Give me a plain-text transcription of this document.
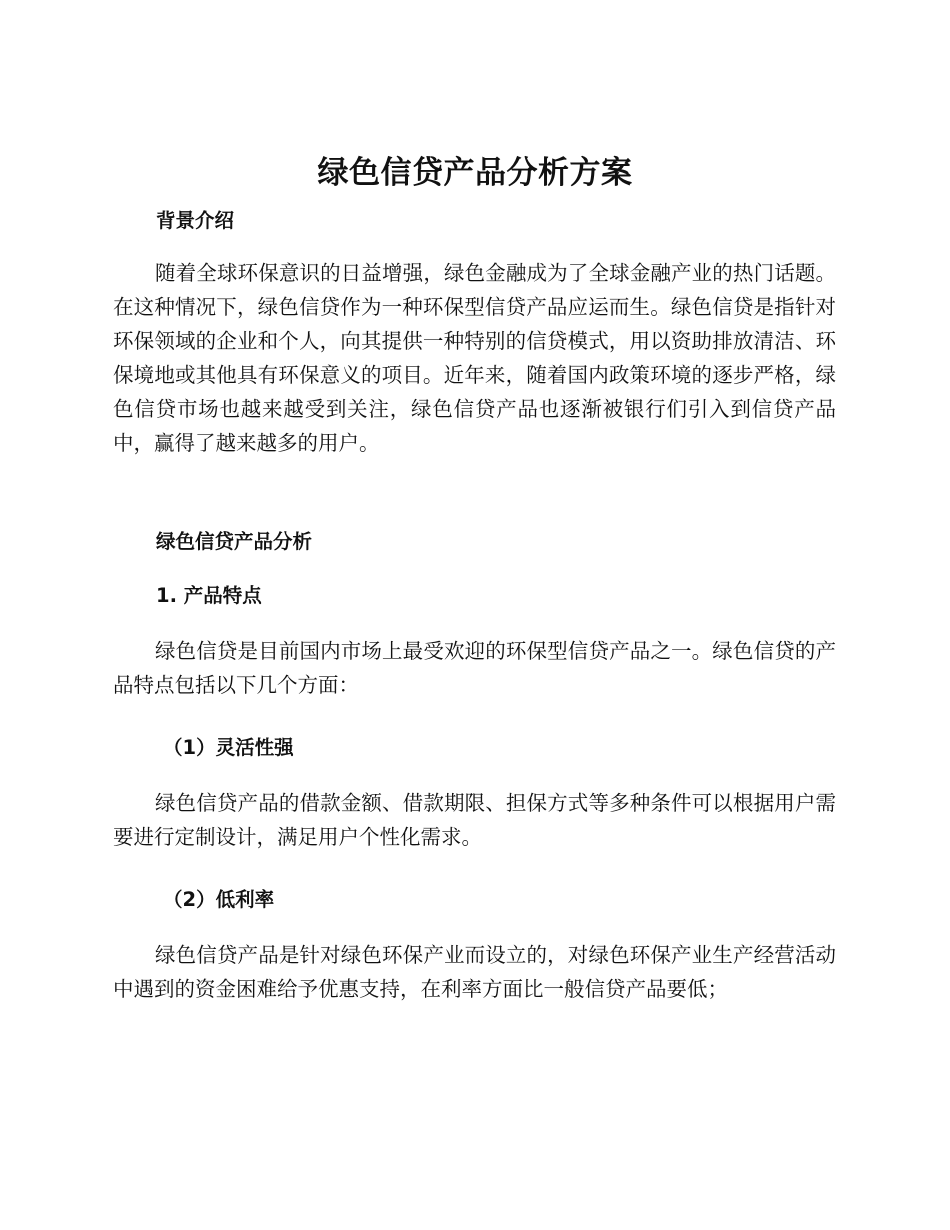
绿色信贷产品分析方案
背景介绍

随着全球环保意识的日益增强，绿色金融成为了全球金融产业的热门话题。在这种情况下，绿色信贷作为一种环保型信贷产品应运而生。绿色信贷是指针对环保领域的企业和个人，向其提供一种特别的信贷模式，用以资助排放清洁、环保境地或其他具有环保意义的项目。近年来，随着国内政策环境的逐步严格，绿色信贷市场也越来越受到关注，绿色信贷产品也逐渐被银行们引入到信贷产品中，赢得了越来越多的用户。

绿色信贷产品分析
1. 产品特点

绿色信贷是目前国内市场上最受欢迎的环保型信贷产品之一。绿色信贷的产品特点包括以下几个方面：

（1）灵活性强

绿色信贷产品的借款金额、借款期限、担保方式等多种条件可以根据用户需要进行定制设计，满足用户个性化需求。

（2）低利率

绿色信贷产品是针对绿色环保产业而设立的，对绿色环保产业生产经营活动中遇到的资金困难给予优惠支持，在利率方面比一般信贷产品要低；
